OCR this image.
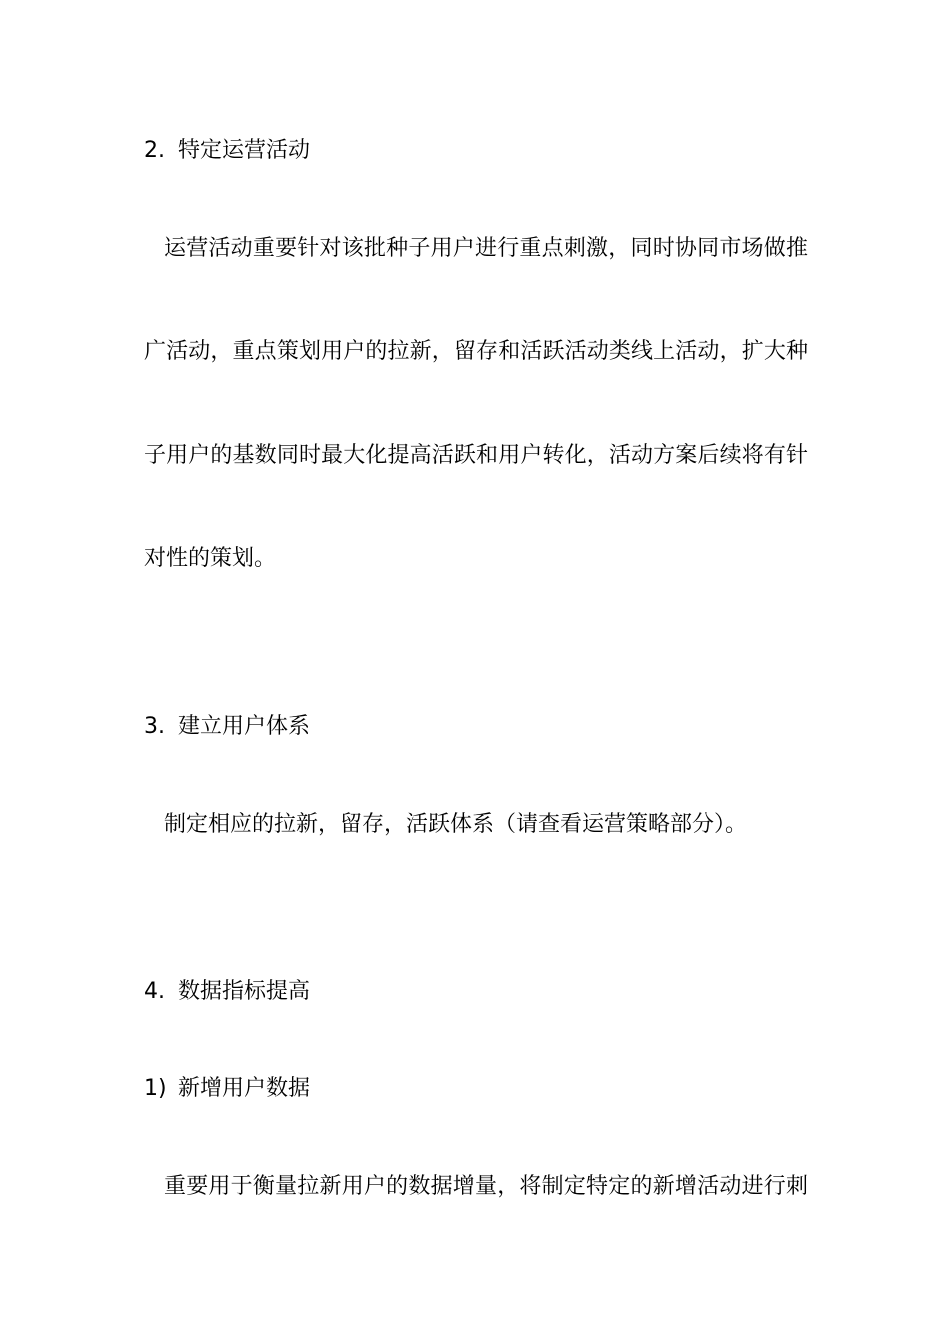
2. 特定运营活动
运营活动重要针对该批种子用户进行重点刺激，同时协同市场做推
广活动，重点策划用户的拉新，留存和活跃活动类线上活动，扩大种
子用户的基数同时最大化提高活跃和用户转化，活动方案后续将有针
对性的策划。
3. 建立用户体系
制定相应的拉新，留存，活跃体系（请查看运营策略部分）。
4. 数据指标提高
1) 新增用户数据
重要用于衡量拉新用户的数据增量，将制定特定的新增活动进行刺
